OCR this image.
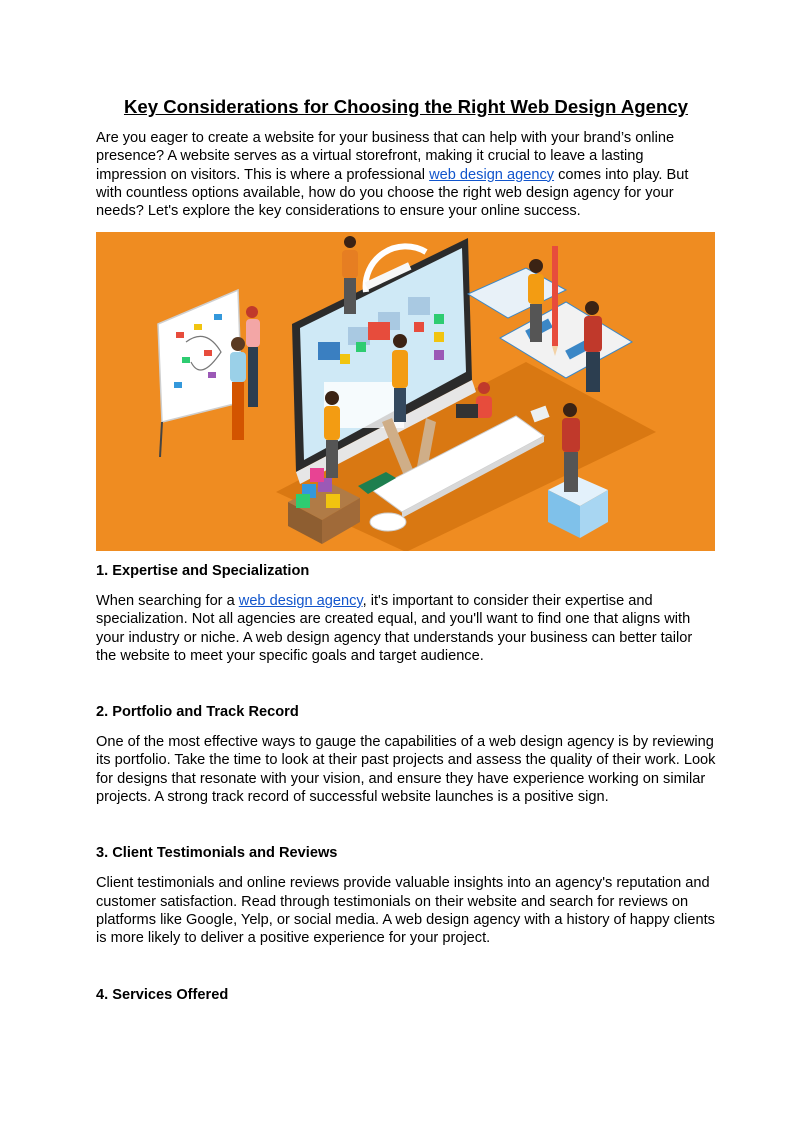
Key Considerations for Choosing the Right Web Design Agency

Are you eager to create a website for your business that can help with your brand’s online presence? A website serves as a virtual storefront, making it crucial to leave a lasting impression on visitors. This is where a professional web design agency comes into play. But with countless options available, how do you choose the right web design agency for your needs? Let's explore the key considerations to ensure your online success.

1. Expertise and Specialization

When searching for a web design agency, it's important to consider their expertise and specialization. Not all agencies are created equal, and you'll want to find one that aligns with your industry or niche. A web design agency that understands your business can better tailor the website to meet your specific goals and target audience.

2. Portfolio and Track Record

One of the most effective ways to gauge the capabilities of a web design agency is by reviewing its portfolio. Take the time to look at their past projects and assess the quality of their work. Look for designs that resonate with your vision, and ensure they have experience working on similar projects. A strong track record of successful website launches is a positive sign.

3. Client Testimonials and Reviews

Client testimonials and online reviews provide valuable insights into an agency's reputation and customer satisfaction. Read through testimonials on their website and search for reviews on platforms like Google, Yelp, or social media. A web design agency with a history of happy clients is more likely to deliver a positive experience for your project.

4. Services Offered
